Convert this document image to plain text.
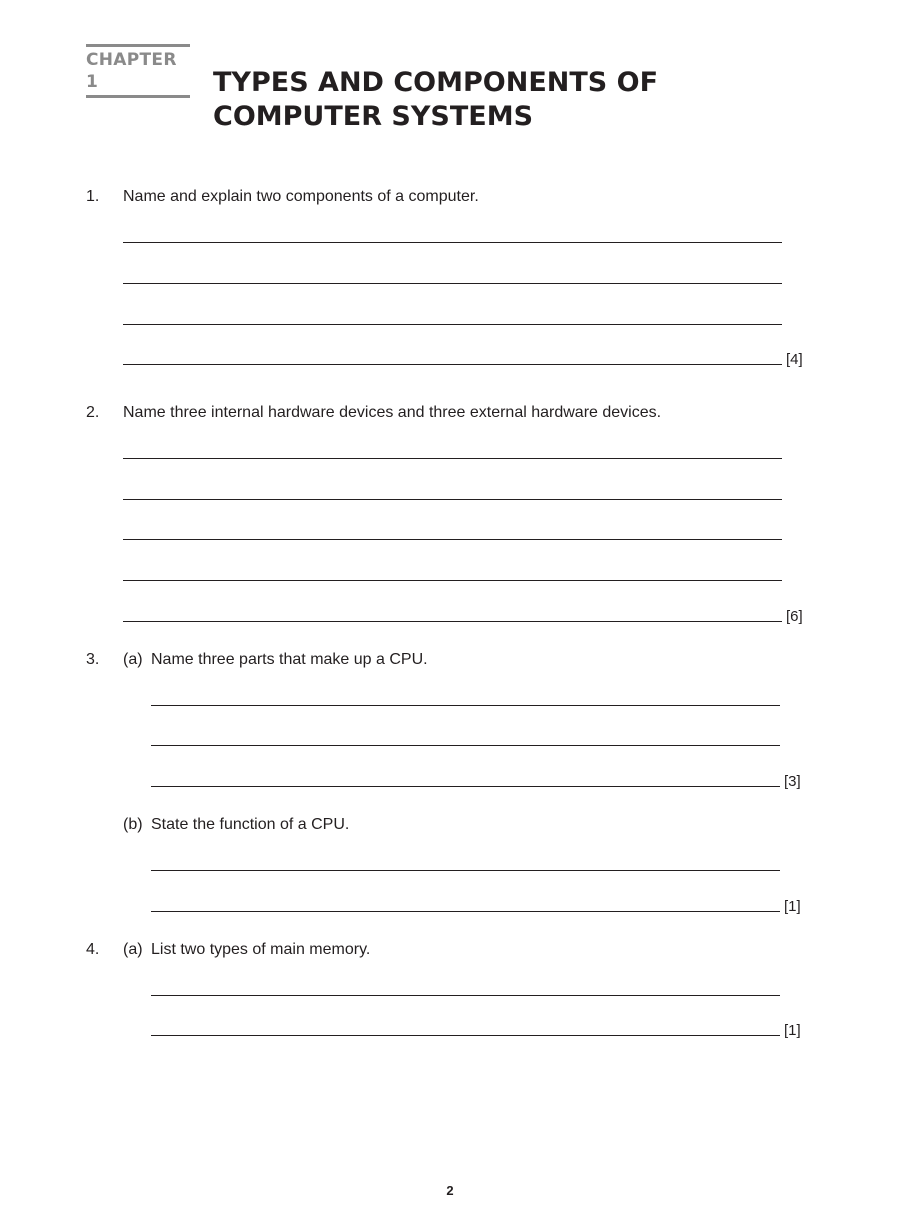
CHAPTER 1	TYPES AND COMPONENTS OF COMPUTER SYSTEMS
1. Name and explain two components of a computer.
[4]
2. Name three internal hardware devices and three external hardware devices.
[6]
3. (a) Name three parts that make up a CPU.
[3]
(b) State the function of a CPU.
[1]
4. (a) List two types of main memory.
[1]
2
